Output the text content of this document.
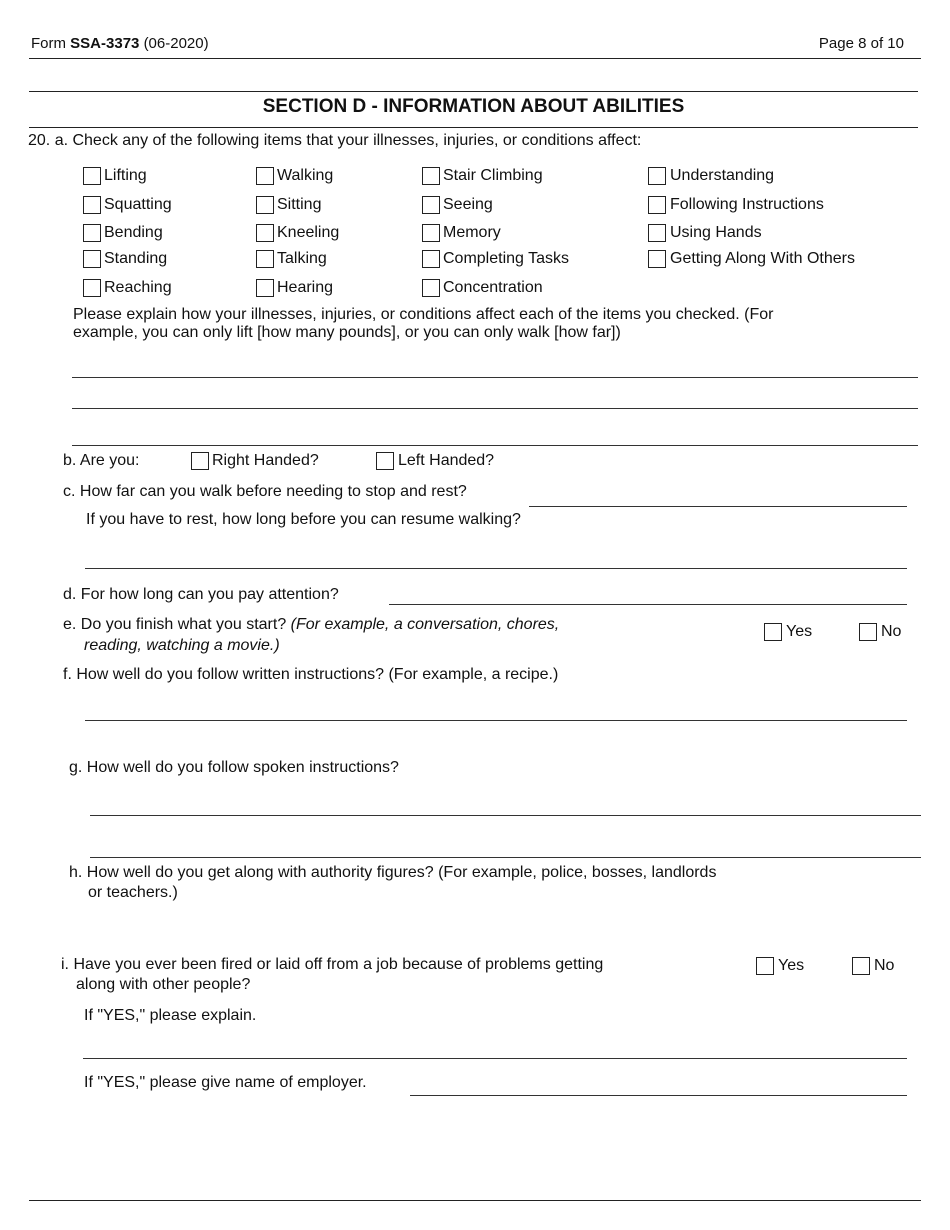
Form SSA-3373 (06-2020)	Page 8 of 10
SECTION D - INFORMATION ABOUT ABILITIES
20. a. Check any of the following items that your illnesses, injuries, or conditions affect:
Lifting	Walking	Stair Climbing	Understanding
Squatting	Sitting	Seeing	Following Instructions
Bending	Kneeling	Memory	Using Hands
Standing	Talking	Completing Tasks	Getting Along With Others
Reaching	Hearing	Concentration
Please explain how your illnesses, injuries, or conditions affect each of the items you checked. (For
example, you can only lift [how many pounds], or you can only walk [how far])
b. Are you:	Right Handed?	Left Handed?
c. How far can you walk before needing to stop and rest?
If you have to rest, how long before you can resume walking?
d. For how long can you pay attention?
e. Do you finish what you start? (For example, a conversation, chores,
reading, watching a movie.)
Yes	No
f. How well do you follow written instructions? (For example, a recipe.)
g. How well do you follow spoken instructions?
h. How well do you get along with authority figures? (For example, police, bosses, landlords
or teachers.)
i. Have you ever been fired or laid off from a job because of problems getting
along with other people?
Yes	No
If "YES," please explain.
If "YES," please give name of employer.
